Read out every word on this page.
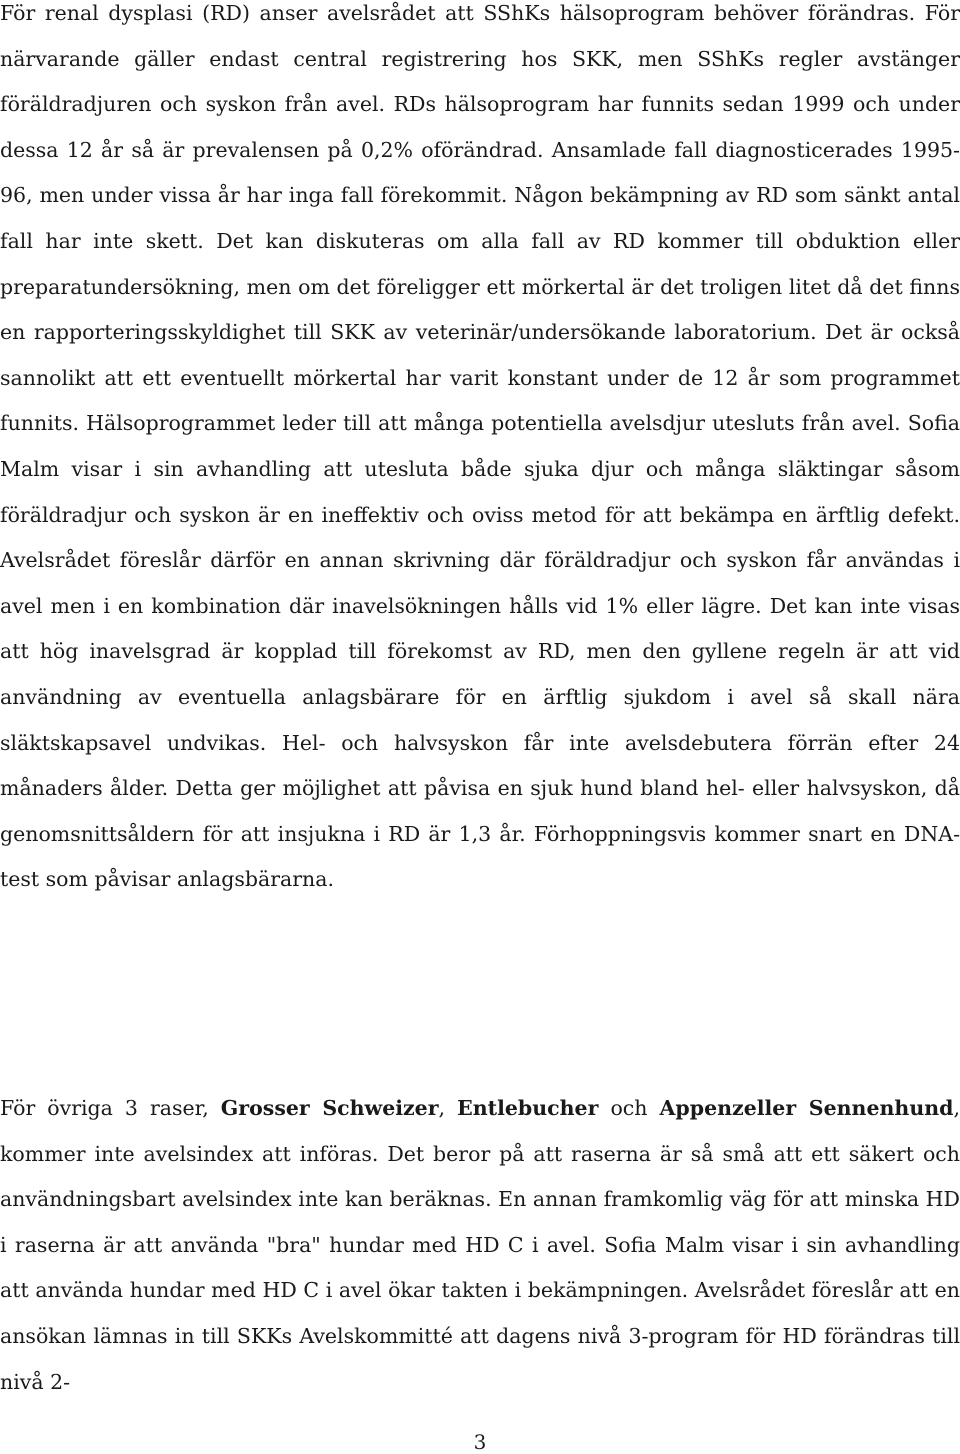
För renal dysplasi (RD) anser avelsrådet att SShKs hälsoprogram behöver förändras. För närvarande gäller endast central registrering hos SKK, men SShKs regler avstänger föräldradjuren och syskon från avel. RDs hälsoprogram har funnits sedan 1999 och under dessa 12 år så är prevalensen på 0,2% oförändrad. Ansamlade fall diagnosticerades 1995-96, men under vissa år har inga fall förekommit. Någon bekämpning av RD som sänkt antal fall har inte skett. Det kan diskuteras om alla fall av RD kommer till obduktion eller preparatundersökning, men om det föreligger ett mörkertal är det troligen litet då det finns en rapporteringsskyldighet till SKK av veterinär/undersökande laboratorium. Det är också sannolikt att ett eventuellt mörkertal har varit konstant under de 12 år som programmet funnits. Hälsoprogrammet leder till att många potentiella avelsdjur utesluts från avel. Sofia Malm visar i sin avhandling att utesluta både sjuka djur och många släktingar såsom föräldradjur och syskon är en ineffektiv och oviss metod för att bekämpa en ärftlig defekt. Avelsrådet föreslår därför en annan skrivning där föräldradjur och syskon får användas i avel men i en kombination där inavelsökningen hålls vid 1% eller lägre. Det kan inte visas att hög inavelsgrad är kopplad till förekomst av RD, men den gyllene regeln är att vid användning av eventuella anlagsbärare för en ärftlig sjukdom i avel så skall nära släktskapsavel undvikas. Hel- och halvsyskon får inte avelsdebutera förrän efter 24 månaders ålder. Detta ger möjlighet att påvisa en sjuk hund bland hel- eller halvsyskon, då genomsnittsåldern för att insjukna i RD är 1,3 år. Förhoppningsvis kommer snart en DNA-test som påvisar anlagsbärarna.

För övriga 3 raser, Grosser Schweizer, Entlebucher och Appenzeller Sennenhund, kommer inte avelsindex att införas. Det beror på att raserna är så små att ett säkert och användningsbart avelsindex inte kan beräknas. En annan framkomlig väg för att minska HD i raserna är att använda "bra" hundar med HD C i avel. Sofia Malm visar i sin avhandling att använda hundar med HD C i avel ökar takten i bekämpningen. Avelsrådet föreslår att en ansökan lämnas in till SKKs Avelskommitté att dagens nivå 3-program för HD förändras till nivå 2-

3
